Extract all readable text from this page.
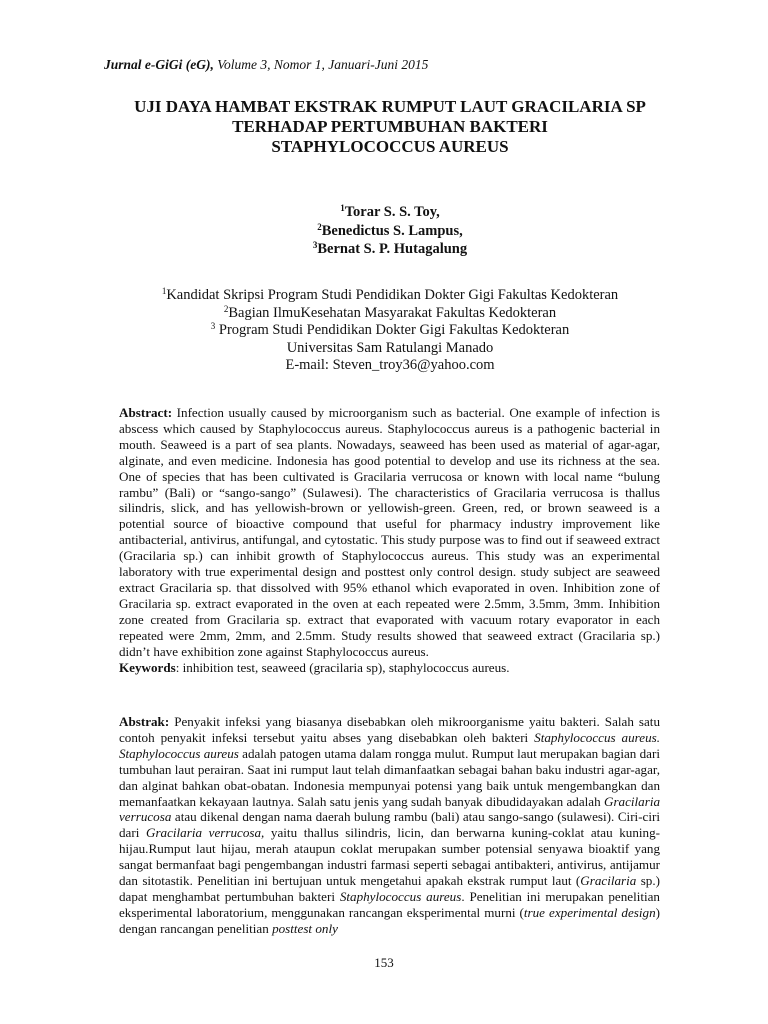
Jurnal e-GiGi (eG), Volume 3, Nomor 1, Januari-Juni 2015
UJI DAYA HAMBAT EKSTRAK RUMPUT LAUT GRACILARIA SP
TERHADAP PERTUMBUHAN BAKTERI
STAPHYLOCOCCUS AUREUS
$^1$Torar S. S. Toy,
$^2$Benedictus S. Lampus,
$^3$Bernat S. P. Hutagalung
$^1$Kandidat Skripsi Program Studi Pendidikan Dokter Gigi Fakultas Kedokteran
$^2$Bagian IlmuKesehatan Masyarakat Fakultas Kedokteran
$^3$ Program Studi Pendidikan Dokter Gigi Fakultas Kedokteran
Universitas Sam Ratulangi Manado
E-mail: Steven_troy36@yahoo.com

Abstract: Infection usually caused by microorganism such as bacterial. One example of infection is abscess which caused by Staphylococcus aureus. Staphylococcus aureus is a pathogenic bacterial in mouth. Seaweed is a part of sea plants. Nowadays, seaweed has been used as material of agar-agar, alginate, and even medicine. Indonesia has good potential to develop and use its richness at the sea. One of species that has been cultivated is Gracilaria verrucosa or known with local name “bulung rambu” (Bali) or “sango-sango” (Sulawesi). The characteristics of Gracilaria verrucosa is thallus silindris, slick, and has yellowish-brown or yellowish-green. Green, red, or brown seaweed is a potential source of bioactive compound that useful for pharmacy industry improvement like antibacterial, antivirus, antifungal, and cytostatic. This study purpose was to find out if seaweed extract (Gracilaria sp.) can inhibit growth of Staphylococcus aureus. This study was an experimental laboratory with true experimental design and posttest only control design. study subject are seaweed extract Gracilaria sp. that dissolved with 95% ethanol which evaporated in oven. Inhibition zone of Gracilaria sp. extract evaporated in the oven at each repeated were 2.5mm, 3.5mm, 3mm. Inhibition zone created from Gracilaria sp. extract that evaporated with vacuum rotary evaporator in each repeated were 2mm, 2mm, and 2.5mm. Study results showed that seaweed extract (Gracilaria sp.) didn’t have exhibition zone against Staphylococcus aureus.

Keywords: inhibition test, seaweed (gracilaria sp), staphylococcus aureus.

Abstrak: Penyakit infeksi yang biasanya disebabkan oleh mikroorganisme yaitu bakteri. Salah satu contoh penyakit infeksi tersebut yaitu abses yang disebabkan oleh bakteri Staphylococcus aureus. Staphylococcus aureus adalah patogen utama dalam rongga mulut. Rumput laut merupakan bagian dari tumbuhan laut perairan. Saat ini rumput laut telah dimanfaatkan sebagai bahan baku industri agar-agar, dan alginat bahkan obat-obatan. Indonesia mempunyai potensi yang baik untuk mengembangkan dan memanfaatkan kekayaan lautnya. Salah satu jenis yang sudah banyak dibudidayakan adalah Gracilaria verrucosa atau dikenal dengan nama daerah bulung rambu (bali) atau sango-sango (sulawesi). Ciri-ciri dari Gracilaria verrucosa, yaitu thallus silindris, licin, dan berwarna kuning-coklat atau kuning-hijau.Rumput laut hijau, merah ataupun coklat merupakan sumber potensial senyawa bioaktif yang sangat bermanfaat bagi pengembangan industri farmasi seperti sebagai antibakteri, antivirus, antijamur dan sitotastik. Penelitian ini bertujuan untuk mengetahui apakah ekstrak rumput laut (Gracilaria sp.) dapat menghambat pertumbuhan bakteri Staphylococcus aureus. Penelitian ini merupakan penelitian eksperimental laboratorium, menggunakan rancangan eksperimental murni (true experimental design) dengan rancangan penelitian posttest only

153
